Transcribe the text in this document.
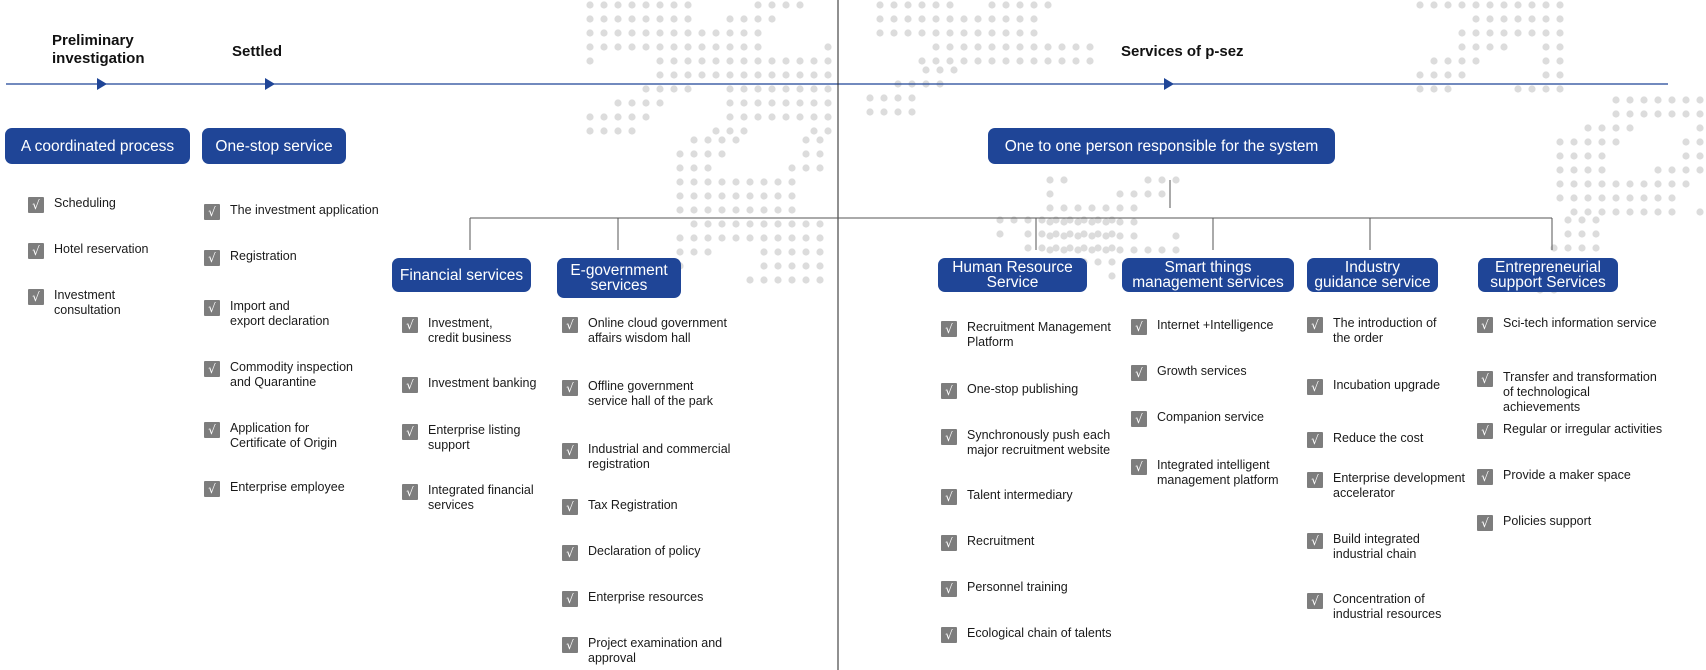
Preliminary
investigation	Settled	Services of p-sez
One to one person responsible for the system
A coordinated process
√	Scheduling
√	Hotel reservation
√	Investment
consultation
One-stop service
√	The investment application
√	Registration
√	Import and
export declaration
√	Commodity inspection
and Quarantine
√	Application for
Certificate of Origin
√	Enterprise employee
Financial services
√	Investment,
credit business
√	Investment banking
√	Enterprise listing
support
√	Integrated financial
services
E-government
services
√	Online cloud government
affairs wisdom hall
√	Offline government
service hall of the park
√	Industrial and commercial
registration
√	Tax Registration
√	Declaration of policy
√	Enterprise resources
√	Project examination and
approval
Human Resource
Service
√	Recruitment Management
Platform
√	One-stop publishing
√	Synchronously push each
major recruitment website
√	Talent intermediary
√	Recruitment
√	Personnel training
√	Ecological chain of talents
Smart things
management services
√	Internet +Intelligence
√	Growth services
√	Companion service
√	Integrated intelligent
management platform
Industry
guidance service
√	The introduction of
the order
√	Incubation upgrade
√	Reduce the cost
√	Enterprise development
accelerator
√	Build integrated
industrial chain
√	Concentration of
industrial resources
Entrepreneurial
support Services
√	Sci-tech information service
√	Transfer and transformation
of technological
achievements
√	Regular or irregular activities
√	Provide a maker space
√	Policies support
